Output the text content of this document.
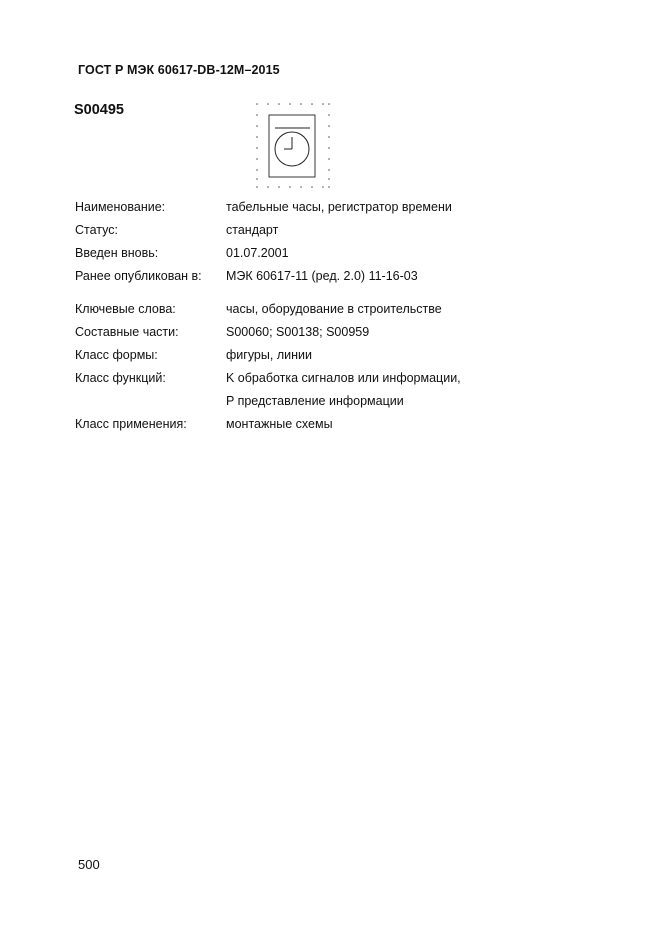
ГОСТ Р МЭК 60617-DB-12M–2015
S00495
Наименование:	табельные часы, регистратор времени
Статус:	стандарт
Введен вновь:	01.07.2001
Ранее опубликован в:	МЭК 60617-11 (ред. 2.0) 11-16-03
Ключевые слова:	часы, оборудование в строительстве
Составные части:	S00060; S00138; S00959
Класс формы:	фигуры, линии
Класс функций:	K обработка сигналов или информации,
P представление информации
Класс применения:	монтажные схемы
500
